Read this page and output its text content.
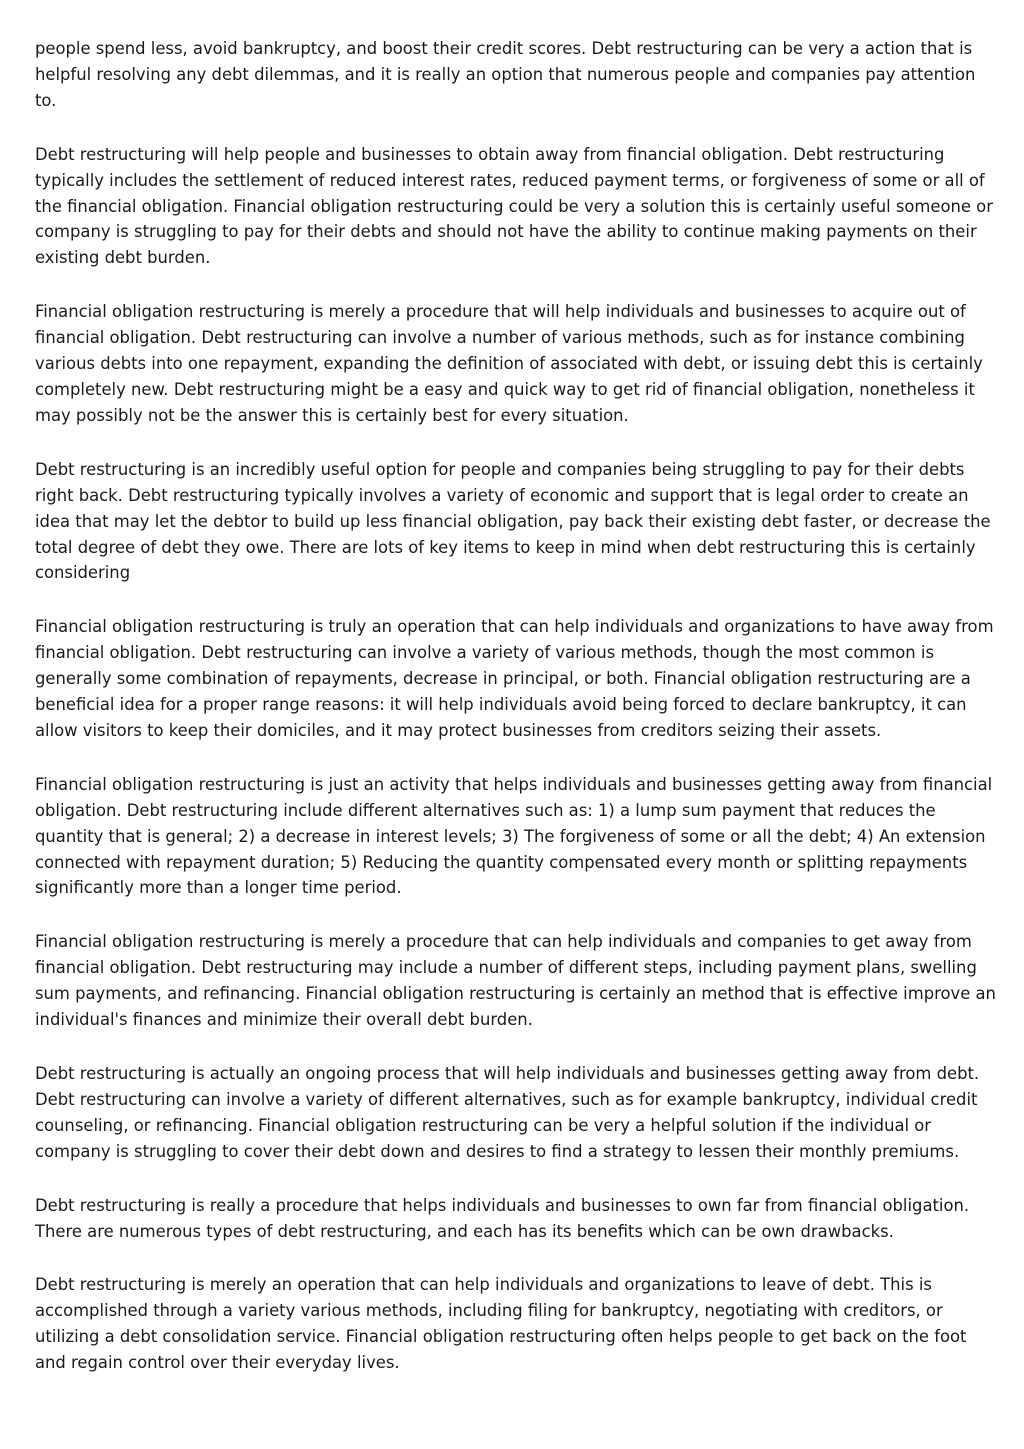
people spend less, avoid bankruptcy, and boost their credit scores. Debt restructuring can be very a action that is helpful resolving any debt dilemmas, and it is really an option that numerous people and companies pay attention to.

Debt restructuring will help people and businesses to obtain away from financial obligation. Debt restructuring typically includes the settlement of reduced interest rates, reduced payment terms, or forgiveness of some or all of the financial obligation. Financial obligation restructuring could be very a solution this is certainly useful someone or company is struggling to pay for their debts and should not have the ability to continue making payments on their existing debt burden.

Financial obligation restructuring is merely a procedure that will help individuals and businesses to acquire out of financial obligation. Debt restructuring can involve a number of various methods, such as for instance combining various debts into one repayment, expanding the definition of associated with debt, or issuing debt this is certainly completely new. Debt restructuring might be a easy and quick way to get rid of financial obligation, nonetheless it may possibly not be the answer this is certainly best for every situation.

Debt restructuring is an incredibly useful option for people and companies being struggling to pay for their debts right back. Debt restructuring typically involves a variety of economic and support that is legal order to create an idea that may let the debtor to build up less financial obligation, pay back their existing debt faster, or decrease the total degree of debt they owe. There are lots of key items to keep in mind when debt restructuring this is certainly considering

Financial obligation restructuring is truly an operation that can help individuals and organizations to have away from financial obligation. Debt restructuring can involve a variety of various methods, though the most common is generally some combination of repayments, decrease in principal, or both. Financial obligation restructuring are a beneficial idea for a proper range reasons: it will help individuals avoid being forced to declare bankruptcy, it can allow visitors to keep their domiciles, and it may protect businesses from creditors seizing their assets.

Financial obligation restructuring is just an activity that helps individuals and businesses getting away from financial obligation. Debt restructuring include different alternatives such as: 1) a lump sum payment that reduces the quantity that is general; 2) a decrease in interest levels; 3) The forgiveness of some or all the debt; 4) An extension connected with repayment duration; 5) Reducing the quantity compensated every month or splitting repayments significantly more than a longer time period.

Financial obligation restructuring is merely a procedure that can help individuals and companies to get away from financial obligation. Debt restructuring may include a number of different steps, including payment plans, swelling sum payments, and refinancing. Financial obligation restructuring is certainly an method that is effective improve an individual's finances and minimize their overall debt burden.

Debt restructuring is actually an ongoing process that will help individuals and businesses getting away from debt. Debt restructuring can involve a variety of different alternatives, such as for example bankruptcy, individual credit counseling, or refinancing. Financial obligation restructuring can be very a helpful solution if the individual or company is struggling to cover their debt down and desires to find a strategy to lessen their monthly premiums.

Debt restructuring is really a procedure that helps individuals and businesses to own far from financial obligation. There are numerous types of debt restructuring, and each has its benefits which can be own drawbacks.

Debt restructuring is merely an operation that can help individuals and organizations to leave of debt. This is accomplished through a variety various methods, including filing for bankruptcy, negotiating with creditors, or utilizing a debt consolidation service. Financial obligation restructuring often helps people to get back on the foot and regain control over their everyday lives.
